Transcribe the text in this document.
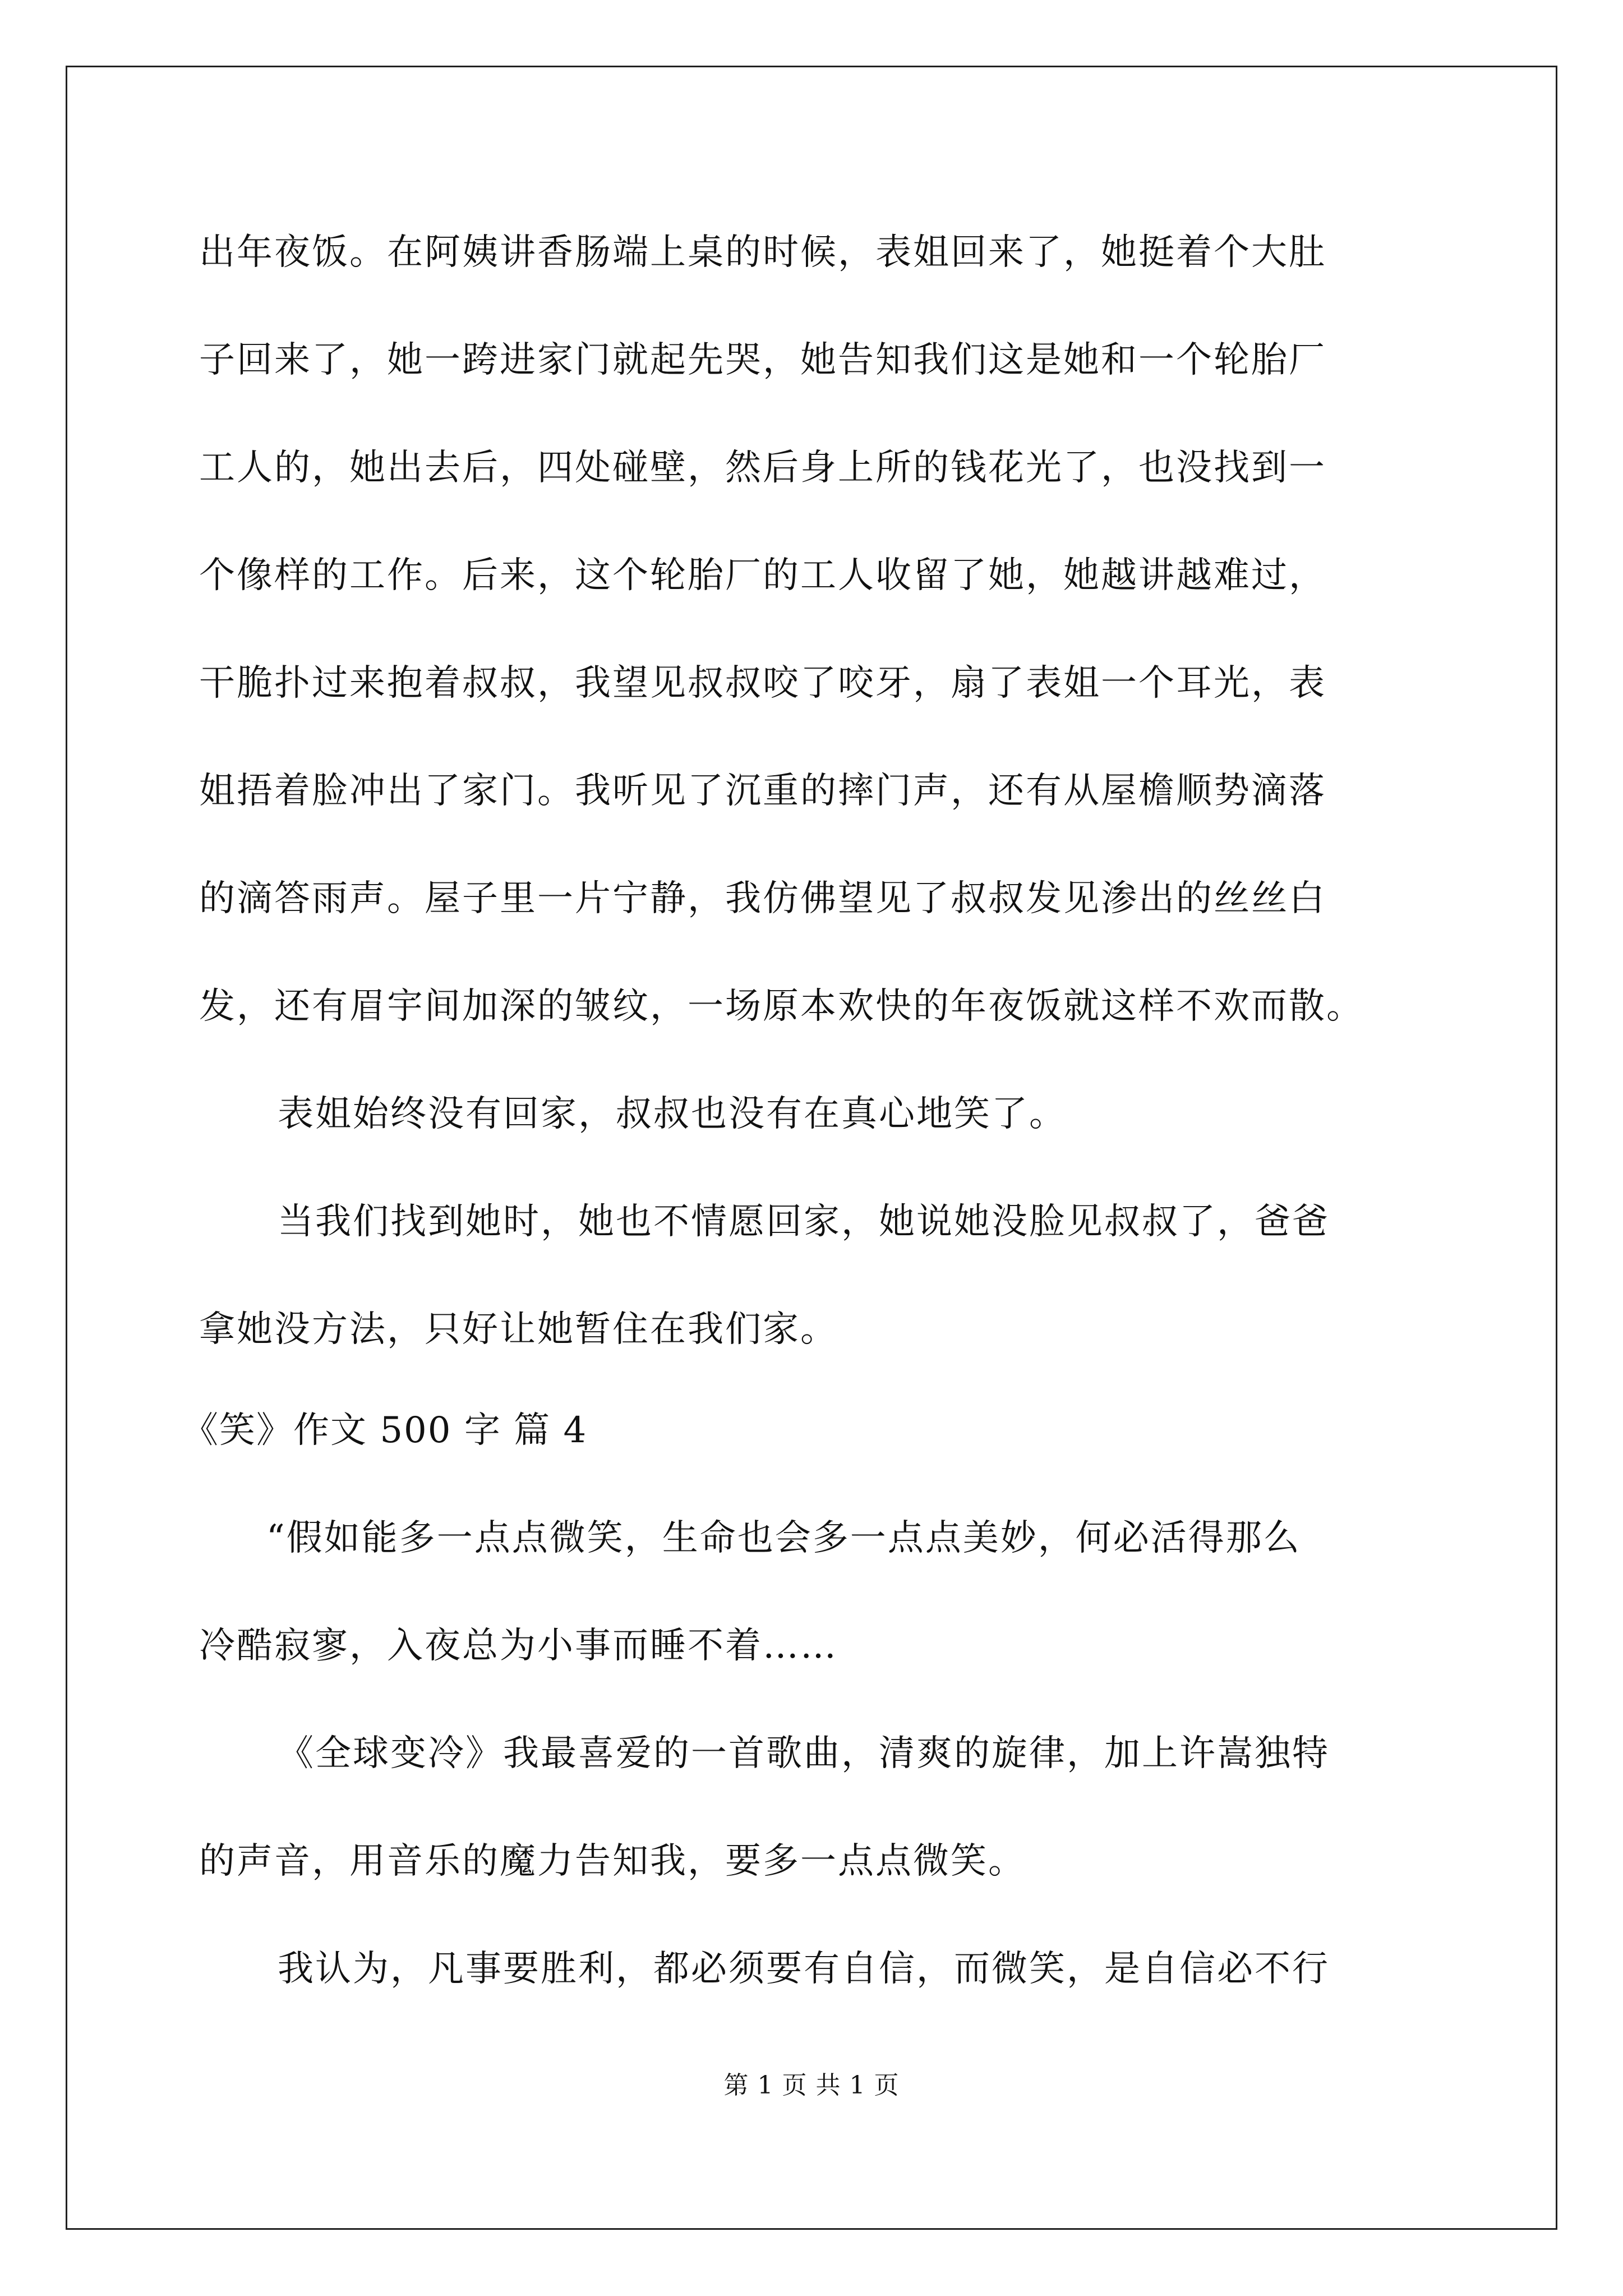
出年夜饭。在阿姨讲香肠端上桌的时候，表姐回来了，她挺着个大肚
子回来了，她一跨进家门就起先哭，她告知我们这是她和一个轮胎厂
工人的，她出去后，四处碰壁，然后身上所的钱花光了，也没找到一
个像样的工作。后来，这个轮胎厂的工人收留了她，她越讲越难过，
干脆扑过来抱着叔叔，我望见叔叔咬了咬牙，扇了表姐一个耳光，表
姐捂着脸冲出了家门。我听见了沉重的摔门声，还有从屋檐顺势滴落
的滴答雨声。屋子里一片宁静，我仿佛望见了叔叔发见渗出的丝丝白
发，还有眉宇间加深的皱纹，一场原本欢快的年夜饭就这样不欢而散。
表姐始终没有回家，叔叔也没有在真心地笑了。
当我们找到她时，她也不情愿回家，她说她没脸见叔叔了，爸爸
拿她没方法，只好让她暂住在我们家。
《笑》作文 500 字 篇 4
“假如能多一点点微笑，生命也会多一点点美妙，何必活得那么
冷酷寂寥，入夜总为小事而睡不着……
《全球变冷》我最喜爱的一首歌曲，清爽的旋律，加上许嵩独特
的声音，用音乐的魔力告知我，要多一点点微笑。
我认为，凡事要胜利，都必须要有自信，而微笑，是自信必不行
第 1 页 共 1 页
